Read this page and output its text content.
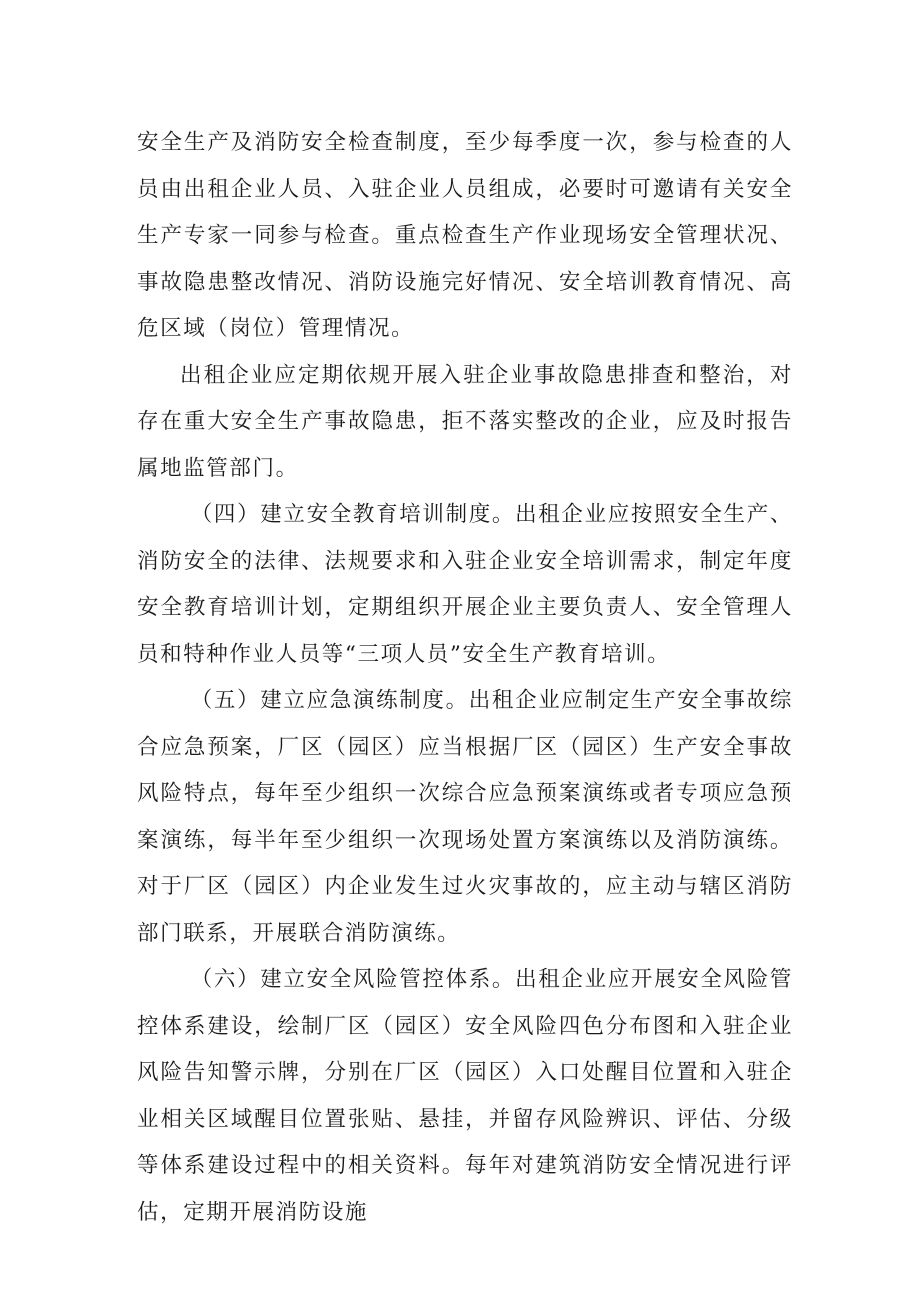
安全生产及消防安全检查制度，至少每季度一次，参与检查的人员由出租企业人员、入驻企业人员组成，必要时可邀请有关安全生产专家一同参与检查。重点检查生产作业现场安全管理状况、事故隐患整改情况、消防设施完好情况、安全培训教育情况、高危区域（岗位）管理情况。

出租企业应定期依规开展入驻企业事故隐患排查和整治，对存在重大安全生产事故隐患，拒不落实整改的企业，应及时报告属地监管部门。

（四）建立安全教育培训制度。出租企业应按照安全生产、消防安全的法律、法规要求和入驻企业安全培训需求，制定年度安全教育培训计划，定期组织开展企业主要负责人、安全管理人员和特种作业人员等“三项人员”安全生产教育培训。

（五）建立应急演练制度。出租企业应制定生产安全事故综合应急预案，厂区（园区）应当根据厂区（园区）生产安全事故风险特点，每年至少组织一次综合应急预案演练或者专项应急预案演练，每半年至少组织一次现场处置方案演练以及消防演练。对于厂区（园区）内企业发生过火灾事故的，应主动与辖区消防部门联系，开展联合消防演练。

（六）建立安全风险管控体系。出租企业应开展安全风险管控体系建设，绘制厂区（园区）安全风险四色分布图和入驻企业风险告知警示牌，分别在厂区（园区）入口处醒目位置和入驻企业相关区域醒目位置张贴、悬挂，并留存风险辨识、评估、分级等体系建设过程中的相关资料。每年对建筑消防安全情况进行评估，定期开展消防设施
